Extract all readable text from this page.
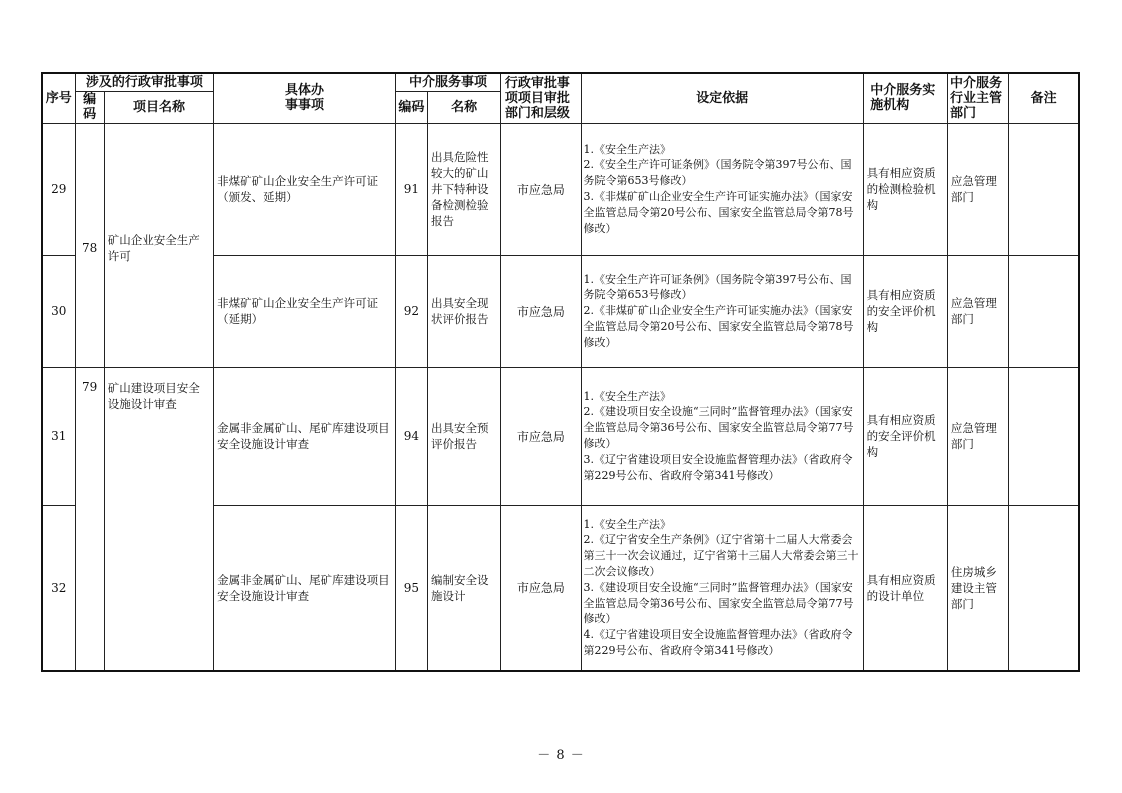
序号	涉及的行政审批事项		具体办事事项	中介服务事项		行政审批事项项目审批部门和层级	设定依据	中介服务实施机构	中介服务行业主管部门	备注

	编码	项目名称		编码	名称					
29	78	矿山企业安全生产许可	非煤矿矿山企业安全生产许可证（颁发、延期）	91	出具危险性较大的矿山井下特种设备检测检验报告	市应急局	1.《安全生产法》
2.《安全生产许可证条例》（国务院令第397号公布、国务院令第653号修改）
3.《非煤矿矿山企业安全生产许可证实施办法》（国家安全监管总局令第20号公布、国家安全监管总局令第78号修改）	具有相应资质的检测检验机构	应急管理部门	
30			非煤矿矿山企业安全生产许可证（延期）	92	出具安全现状评价报告	市应急局	1.《安全生产许可证条例》（国务院令第397号公布、国务院令第653号修改）
2.《非煤矿矿山企业安全生产许可证实施办法》（国家安全监管总局令第20号公布、国家安全监管总局令第78号修改）	具有相应资质的安全评价机构	应急管理部门	
31	79	矿山建设项目安全设施设计审查	金属非金属矿山、尾矿库建设项目安全设施设计审查	94	出具安全预评价报告	市应急局	1.《安全生产法》
2.《建设项目安全设施“三同时”监督管理办法》（国家安全监管总局令第36号公布、国家安全监管总局令第77号修改）
3.《辽宁省建设项目安全设施监督管理办法》（省政府令第229号公布、省政府令第341号修改）	具有相应资质的安全评价机构	应急管理部门	
32			金属非金属矿山、尾矿库建设项目安全设施设计审查	95	编制安全设施设计	市应急局	1.《安全生产法》
2.《辽宁省安全生产条例》（辽宁省第十二届人大常委会第三十一次会议通过，辽宁省第十三届人大常委会第三十二次会议修改）
3.《建设项目安全设施“三同时”监督管理办法》（国家安全监管总局令第36号公布、国家安全监管总局令第77号修改）
4.《辽宁省建设项目安全设施监督管理办法》（省政府令第229号公布、省政府令第341号修改）	具有相应资质的设计单位	住房城乡建设主管部门	
－ 8 －
